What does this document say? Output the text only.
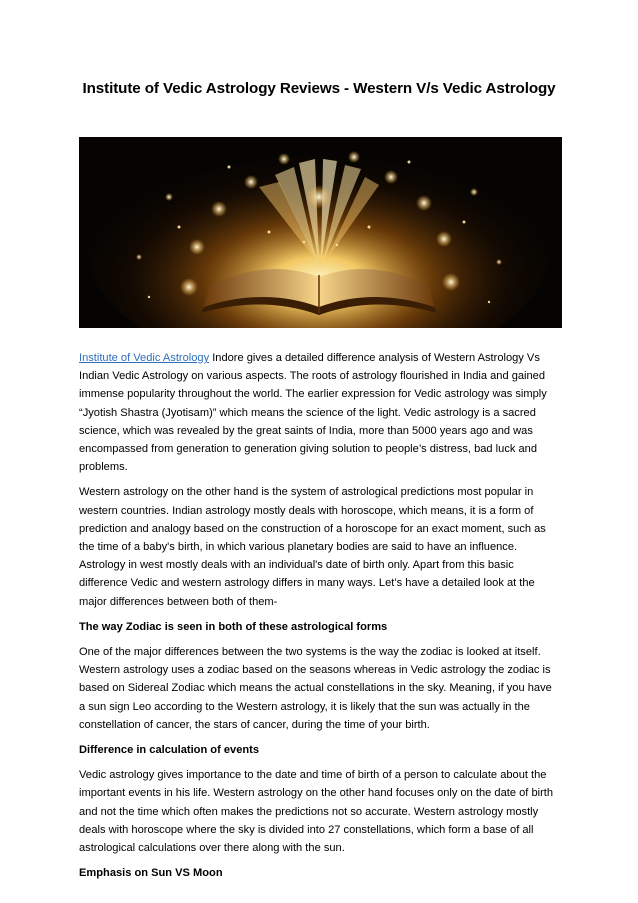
Institute of Vedic Astrology Reviews - Western V/s Vedic Astrology

Institute of Vedic Astrology Indore gives a detailed difference analysis of Western Astrology Vs Indian Vedic Astrology on various aspects. The roots of astrology flourished in India and gained immense popularity throughout the world. The earlier expression for Vedic astrology was simply “Jyotish Shastra (Jyotisam)” which means the science of the light. Vedic astrology is a sacred science, which was revealed by the great saints of India, more than 5000 years ago and was encompassed from generation to generation giving solution to people’s distress, bad luck and problems.

Western astrology on the other hand is the system of astrological predictions most popular in western countries. Indian astrology mostly deals with horoscope, which means, it is a form of prediction and analogy based on the construction of a horoscope for an exact moment, such as the time of a baby's birth, in which various planetary bodies are said to have an influence. Astrology in west mostly deals with an individual's date of birth only. Apart from this basic difference Vedic and western astrology differs in many ways. Let’s have a detailed look at the major differences between both of them-

The way Zodiac is seen in both of these astrological forms

One of the major differences between the two systems is the way the zodiac is looked at itself. Western astrology uses a zodiac based on the seasons whereas in Vedic astrology the zodiac is based on Sidereal Zodiac which means the actual constellations in the sky. Meaning, if you have a sun sign Leo according to the Western astrology, it is likely that the sun was actually in the constellation of cancer, the stars of cancer, during the time of your birth.

Difference in calculation of events

Vedic astrology gives importance to the date and time of birth of a person to calculate about the important events in his life. Western astrology on the other hand focuses only on the date of birth and not the time which often makes the predictions not so accurate. Western astrology mostly deals with horoscope where the sky is divided into 27 constellations, which form a base of all astrological calculations over there along with the sun.

Emphasis on Sun VS Moon
